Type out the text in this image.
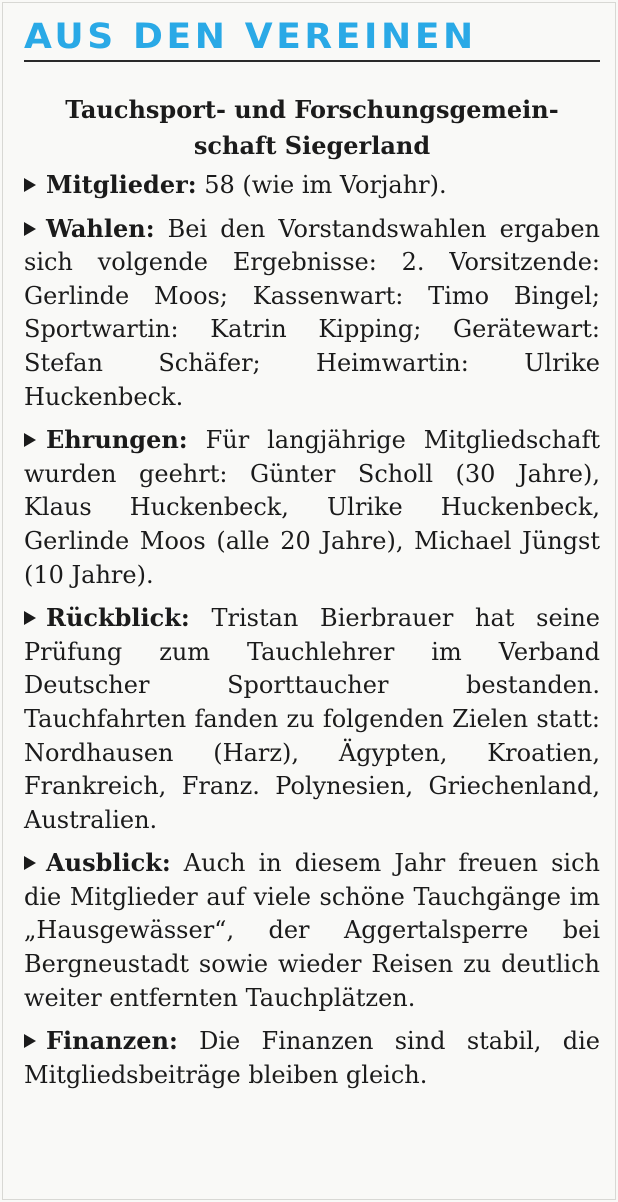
AUS DEN VEREINEN
Tauchsport- und Forschungsgemein-
schaft Siegerland
Mitglieder: 58 (wie im Vorjahr).
Wahlen: Bei den Vorstandswahlen ergaben sich volgende Ergebnisse: 2. Vorsitzende: Gerlinde Moos; Kassenwart: Timo Bingel; Sportwartin: Katrin Kipping; Gerätewart: Stefan Schäfer; Heimwartin: Ulrike Huckenbeck.
Ehrungen: Für langjährige Mitgliedschaft wurden geehrt: Günter Scholl (30 Jahre), Klaus Huckenbeck, Ulrike Huckenbeck, Gerlinde Moos (alle 20 Jahre), Michael Jüngst (10 Jahre).
Rückblick: Tristan Bierbrauer hat seine Prüfung zum Tauchlehrer im Verband Deutscher Sporttaucher bestanden. Tauchfahrten fanden zu folgenden Zielen statt: Nordhausen (Harz), Ägypten, Kroatien, Frankreich, Franz. Polynesien, Griechenland, Australien.
Ausblick: Auch in diesem Jahr freuen sich die Mitglieder auf viele schöne Tauchgänge im „Hausgewässer“, der Aggertalsperre bei Bergneustadt sowie wieder Reisen zu deutlich weiter entfernten Tauchplätzen.
Finanzen: Die Finanzen sind stabil, die Mitgliedsbeiträge bleiben gleich.
